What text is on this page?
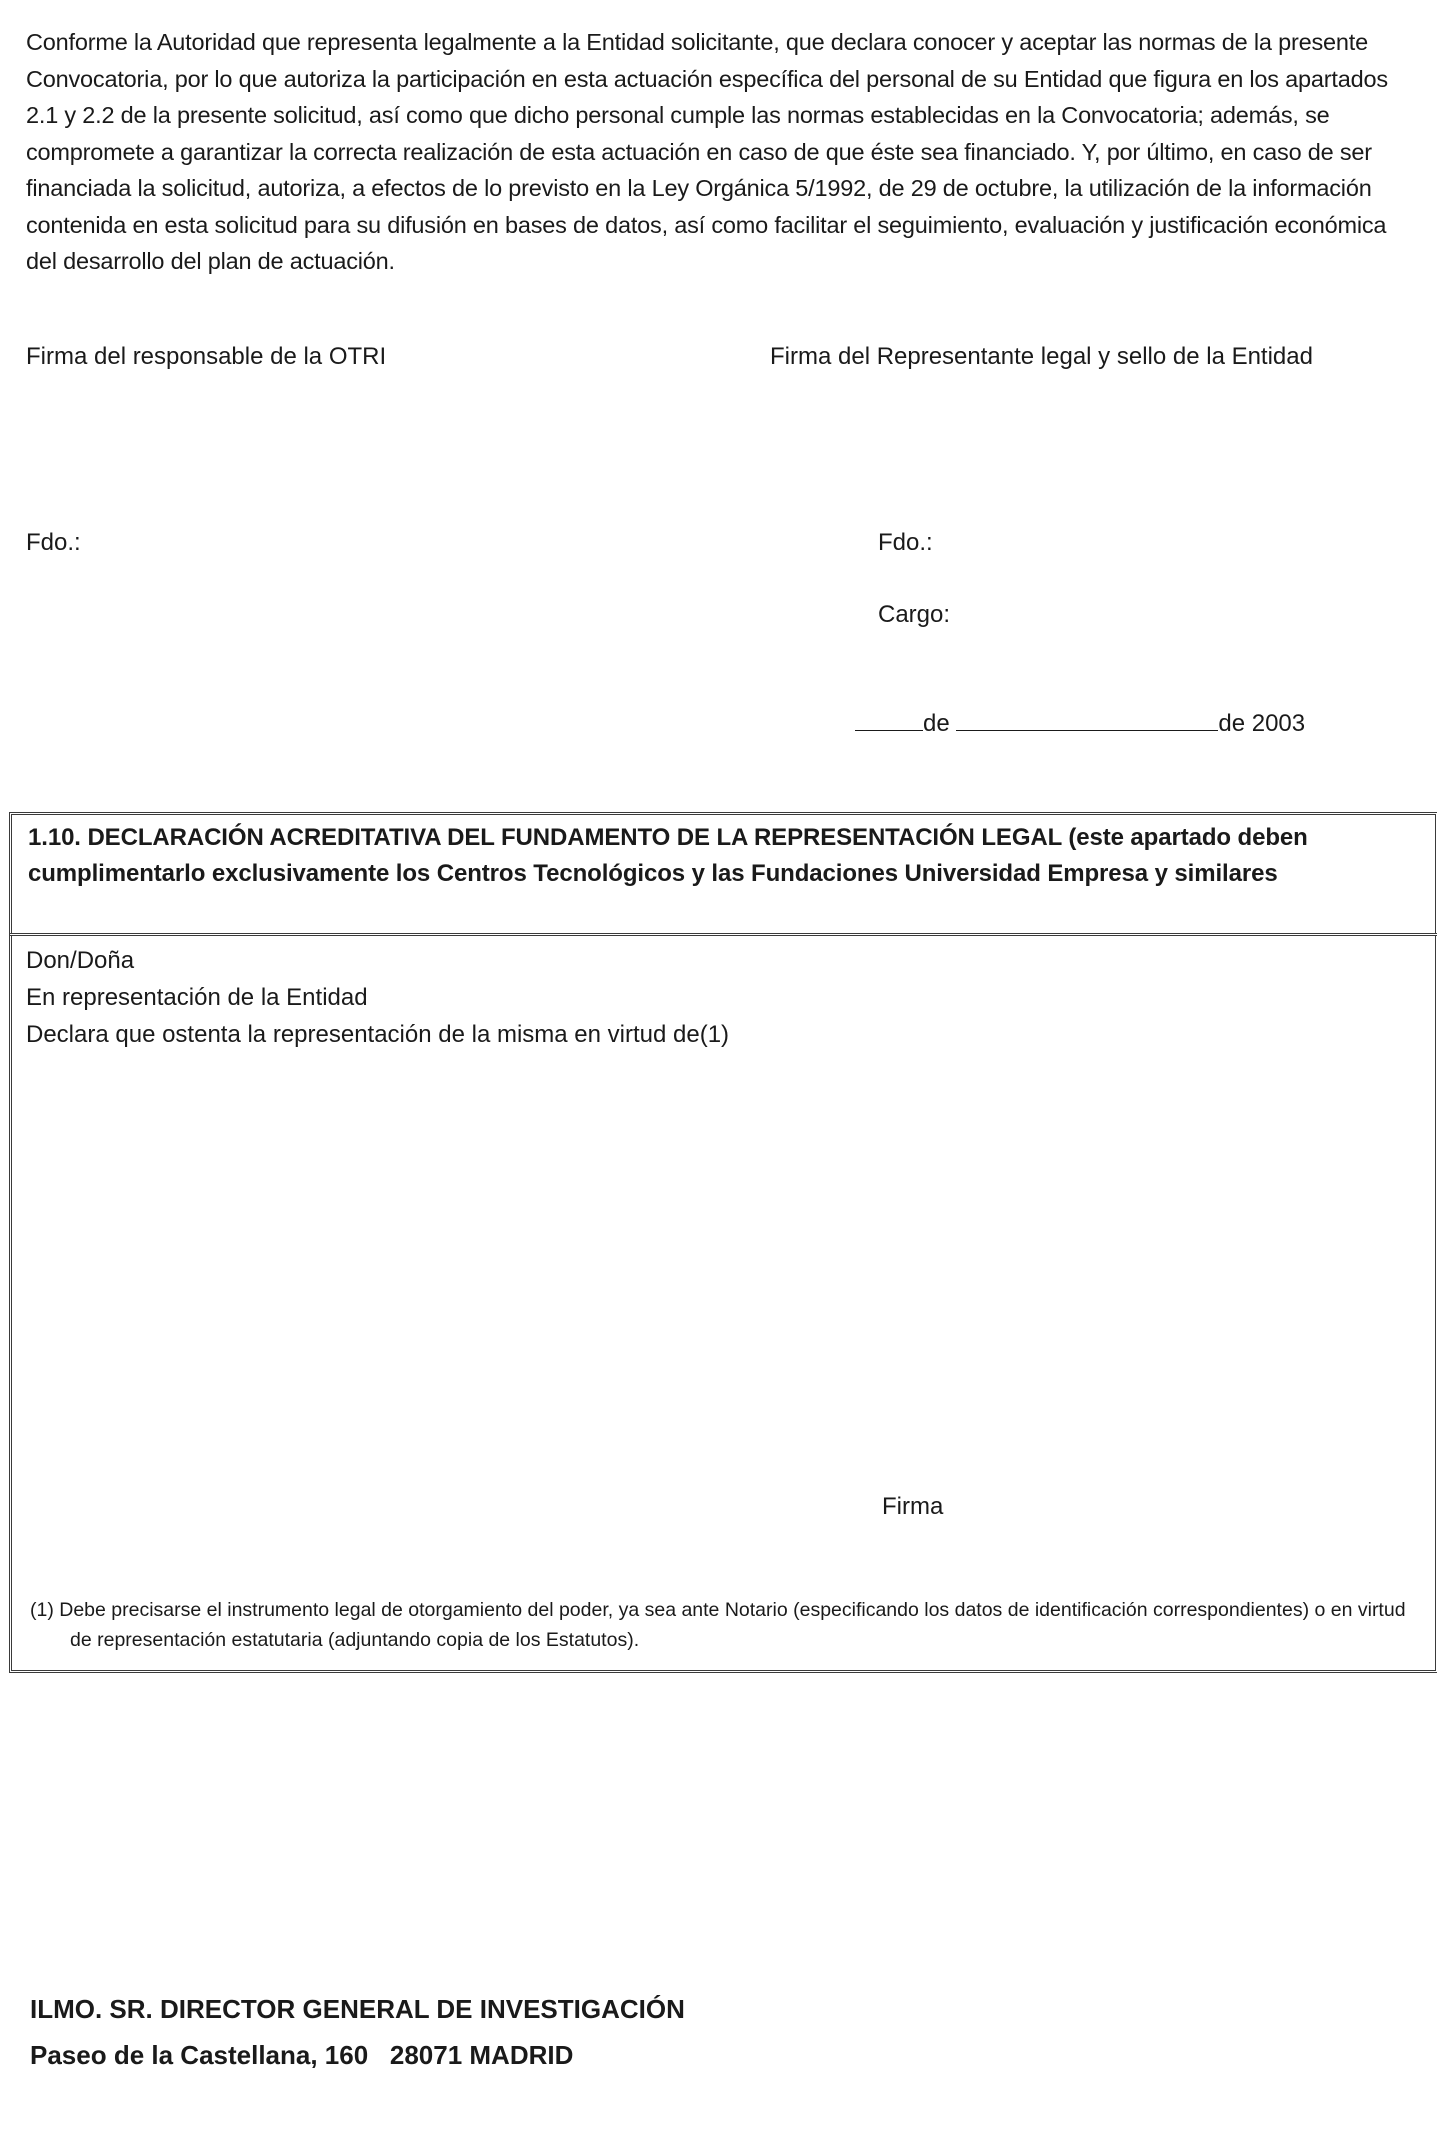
Conforme la Autoridad que representa legalmente a la Entidad solicitante, que declara conocer y aceptar las normas de la presente Convocatoria, por lo que autoriza la participación en esta actuación específica del personal de su Entidad que figura en los apartados 2.1 y 2.2 de la presente solicitud, así como que dicho personal cumple las normas establecidas en la Convocatoria; además, se compromete a garantizar la correcta realización de esta actuación en caso de que éste sea financiado. Y, por último, en caso de ser financiada la solicitud, autoriza, a efectos de lo previsto en la Ley Orgánica 5/1992, de 29 de octubre, la utilización de la información contenida en esta solicitud para su difusión en bases de datos, así como facilitar el seguimiento, evaluación y justificación económica del desarrollo del plan de actuación.
Firma del responsable de la OTRI	Firma del Representante legal y sello de la Entidad
Fdo.:	Fdo.:
Cargo:
de	de 2003
1.10. DECLARACIÓN ACREDITATIVA DEL FUNDAMENTO DE LA REPRESENTACIÓN LEGAL (este apartado deben cumplimentarlo exclusivamente los Centros Tecnológicos y las Fundaciones Universidad Empresa y similares
Don/Doña
En representación de la Entidad
Declara que ostenta la representación de la misma en virtud de(1)
Firma
(1) Debe precisarse el instrumento legal de otorgamiento del poder, ya sea ante Notario (especificando los datos de identificación correspondientes) o en virtud de representación estatutaria (adjuntando copia de los Estatutos).
ILMO. SR. DIRECTOR GENERAL DE INVESTIGACIÓN
Paseo de la Castellana, 160   28071 MADRID
